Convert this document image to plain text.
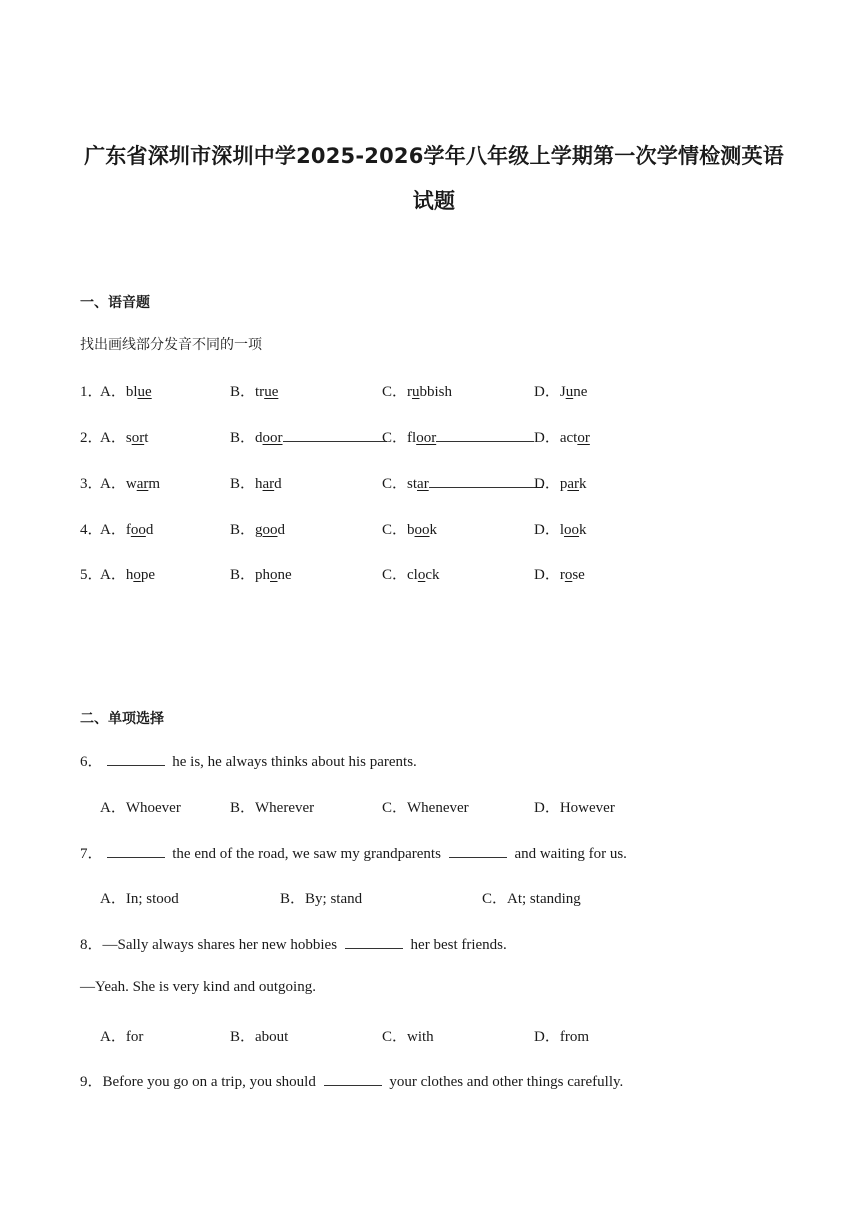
广东省深圳市深圳中学2025-2026学年八年级上学期第一次学情检测英语
试题
一、语音题
找出画线部分发音不同的一项
1．
A．blue	B．true	C．rubbish	D．June
2．
A．sort	B．door	C．floor	D．actor
3．
A．warm	B．hard	C．star	D．park
4．
A．food	B．good	C．book	D．look
5．
A．hope	B．phone	C．clock	D．rose
二、单项选择
6．	he is, he always thinks about his parents.
A．Whoever	B．Wherever	C．Whenever	D．However
7．	the end of the road, we saw my grandparents	and waiting for us.
A．In; stood	B．By; stand	C．At; standing
8．—Sally always shares her new hobbies	her best friends.
—Yeah. She is very kind and outgoing.
A．for	B．about	C．with	D．from
9．Before you go on a trip, you should	your clothes and other things carefully.
